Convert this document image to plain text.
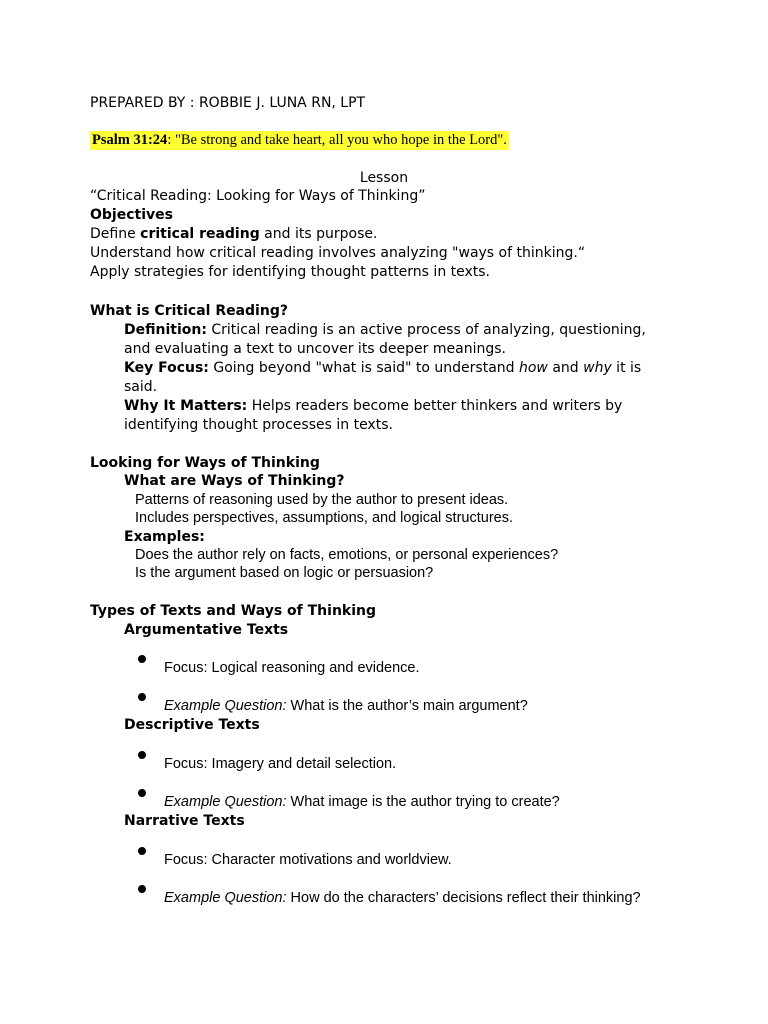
PREPARED BY : ROBBIE J. LUNA RN, LPT
Psalm 31:24: "Be strong and take heart, all you who hope in the Lord".
Lesson
“Critical Reading: Looking for Ways of Thinking”
Objectives
Define critical reading and its purpose.
Understand how critical reading involves analyzing "ways of thinking.“
Apply strategies for identifying thought patterns in texts.
What is Critical Reading?
Definition: Critical reading is an active process of analyzing, questioning,
and evaluating a text to uncover its deeper meanings.
Key Focus: Going beyond "what is said" to understand how and why it is
said.
Why It Matters: Helps readers become better thinkers and writers by
identifying thought processes in texts.
Looking for Ways of Thinking
What are Ways of Thinking?
Patterns of reasoning used by the author to present ideas.
Includes perspectives, assumptions, and logical structures.
Examples:
Does the author rely on facts, emotions, or personal experiences?
Is the argument based on logic or persuasion?
Types of Texts and Ways of Thinking
Argumentative Texts
Focus: Logical reasoning and evidence.
Example Question: What is the author’s main argument?
Descriptive Texts
Focus: Imagery and detail selection.
Example Question: What image is the author trying to create?
Narrative Texts
Focus: Character motivations and worldview.
Example Question: How do the characters’ decisions reflect their thinking?
